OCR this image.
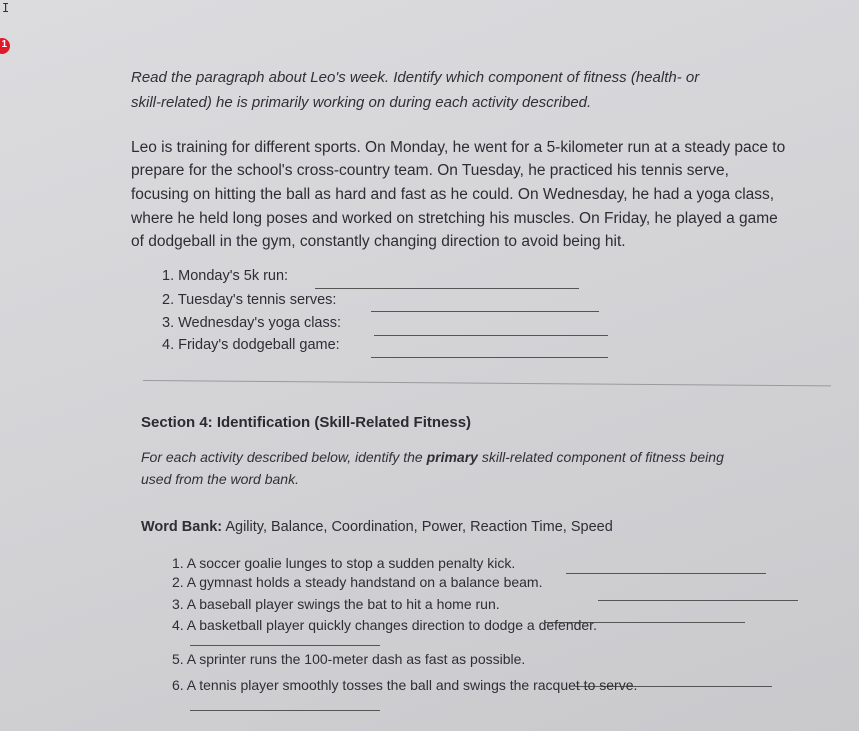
I
1
Read the paragraph about Leo's week. Identify which component of fitness (health- or
skill-related) he is primarily working on during each activity described.
Leo is training for different sports. On Monday, he went for a 5-kilometer run at a steady pace to
prepare for the school's cross-country team. On Tuesday, he practiced his tennis serve,
focusing on hitting the ball as hard and fast as he could. On Wednesday, he had a yoga class,
where he held long poses and worked on stretching his muscles. On Friday, he played a game
of dodgeball in the gym, constantly changing direction to avoid being hit.
1. Monday's 5k run:
2. Tuesday's tennis serves:
3. Wednesday's yoga class:
4. Friday's dodgeball game:
Section 4: Identification (Skill-Related Fitness)
For each activity described below, identify the primary skill-related component of fitness being
used from the word bank.
Word Bank: Agility, Balance, Coordination, Power, Reaction Time, Speed
1. A soccer goalie lunges to stop a sudden penalty kick.
2. A gymnast holds a steady handstand on a balance beam.
3. A baseball player swings the bat to hit a home run.
4. A basketball player quickly changes direction to dodge a defender.
5. A sprinter runs the 100-meter dash as fast as possible.
6. A tennis player smoothly tosses the ball and swings the racquet to serve.
